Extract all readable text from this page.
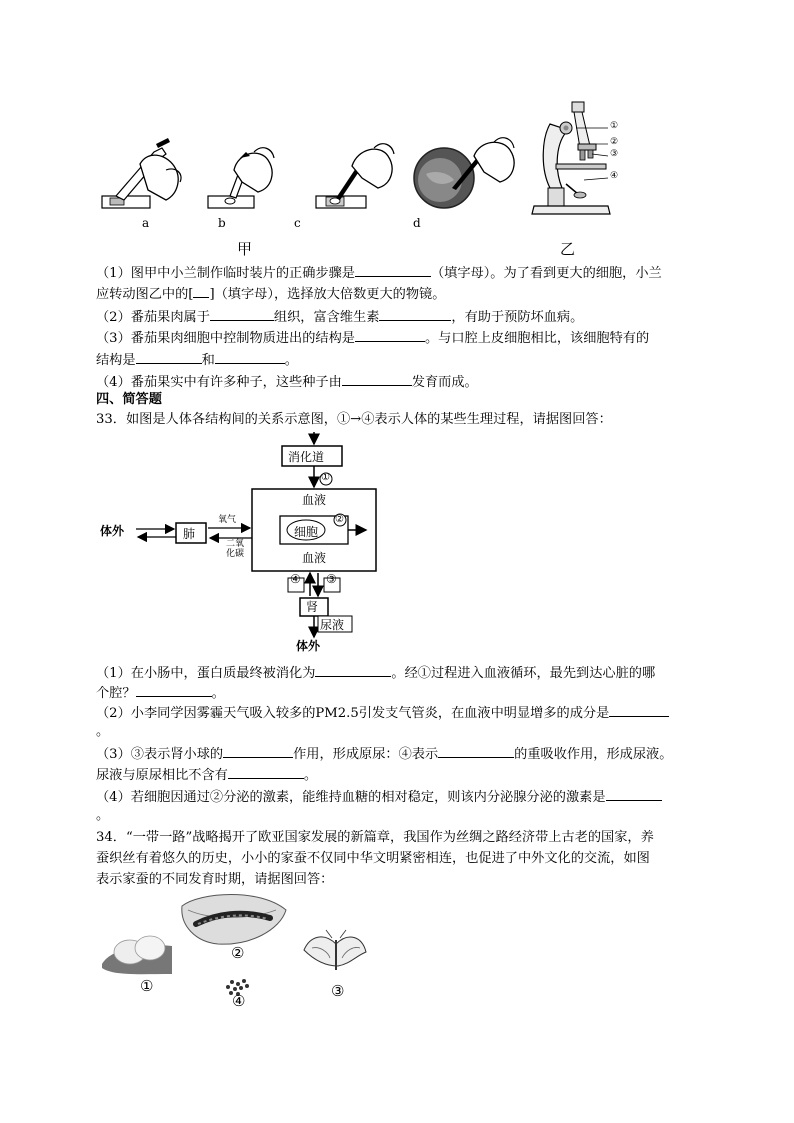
a	b	c	d
甲
①
②
③
④
乙
（1）图甲中小兰制作临时装片的正确步骤是	（填字母）。为了看到更大的细胞，小兰
应转动图乙中的[ ]（填字母），选择放大倍数更大的物镜。
（2）番茄果肉属于	组织，富含维生素	，有助于预防坏血病。
（3）番茄果肉细胞中控制物质进出的结构是	。与口腔上皮细胞相比，该细胞特有的
结构是	和	。
（4）番茄果实中有许多种子，这些种子由	发育而成。
四、简答题
33．如图是人体各结构间的关系示意图，①→④表示人体的某些生理过程，请据图回答：
消化道
①
血液
细胞
②
血液
肺
体外
氧气
二氧
化碳
④ ③
肾
尿液
体外
（1）在小肠中，蛋白质最终被消化为	。经①过程进入血液循环，最先到达心脏的哪
个腔？	。
（2）小李同学因雾霾天气吸入较多的PM2.5引发支气管炎，在血液中明显增多的成分是
。
（3）③表示肾小球的	作用，形成原尿：④表示	的重吸收作用，形成尿液。
尿液与原尿相比不含有	。
（4）若细胞因通过②分泌的激素，能维持血糖的相对稳定，则该内分泌腺分泌的激素是
。
34．“一带一路”战略揭开了欧亚国家发展的新篇章，我国作为丝绸之路经济带上古老的国家，养
蚕织丝有着悠久的历史，小小的家蚕不仅同中华文明紧密相连，也促进了中外文化的交流，如图
表示家蚕的不同发育时期，请据图回答：
①
②
③
④
